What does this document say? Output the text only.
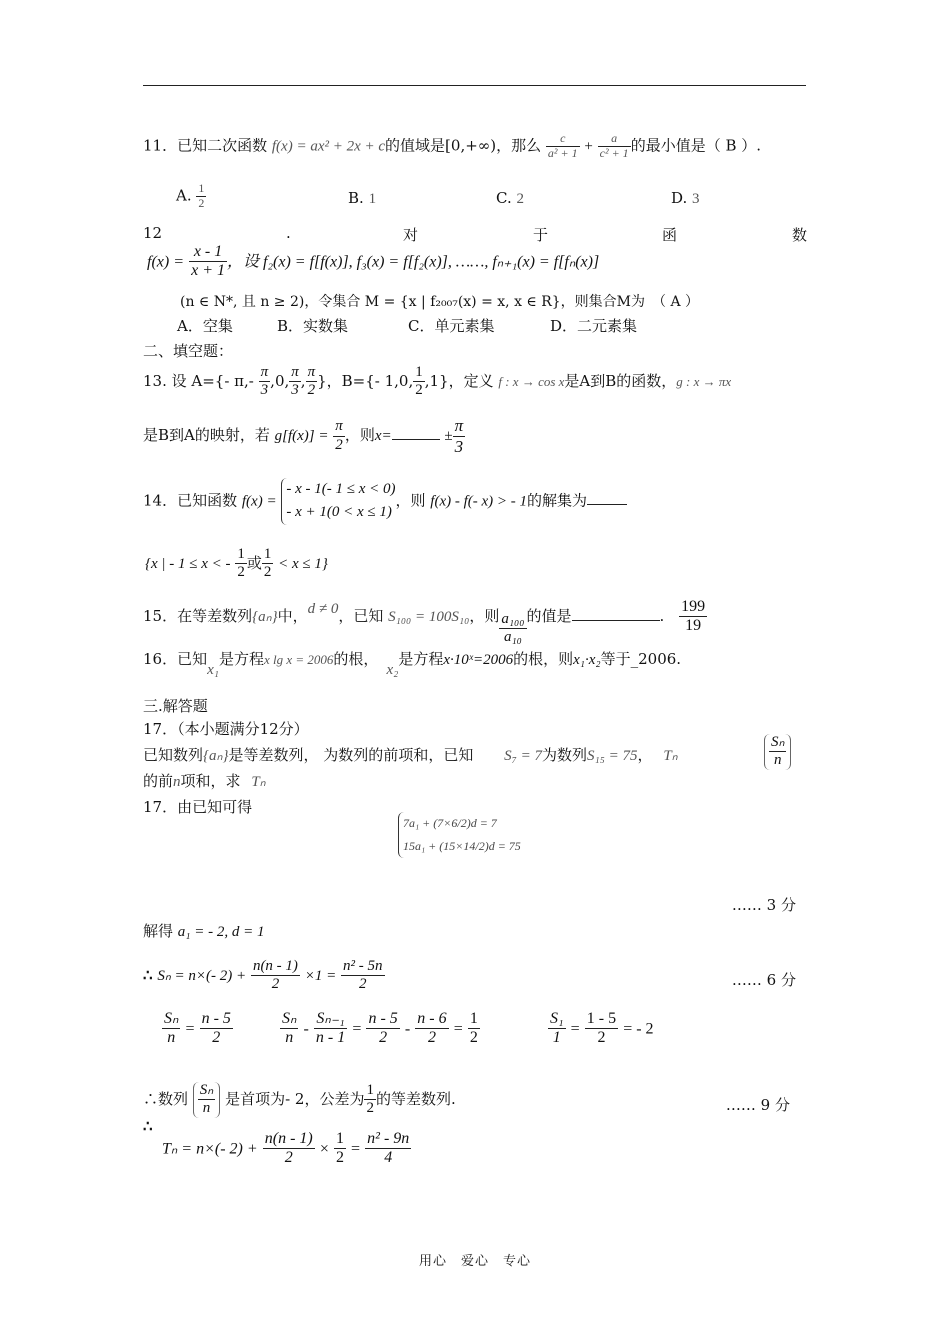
11．已知二次函数 f(x) = ax² + 2x + c的值域是[0,+∞)，那么 $\frac{c}{\text{a² + 1}} + \frac{a}{\text{c² + 1}}$ 的最小值是（ B ）.
A. $\frac{1}{2}$	B. 1	C. 2	D. 3
12	.	对	于	函	数
$f(x) = \frac{x - 1}{x + 1}$ ，设 f₂(x) = f[f(x)], f₃(x) = f[f₂(x)], ……, fₙ₊₁(x) = f[fₙ(x)]
(n ∈ N*, 且 n ≥ 2)，令集合 M = {x | f₂₀₀₇(x) = x, x ∈ R}，则集合M为　（ A ）
A．空集	B．实数集	C．单元素集	D．二元素集
二、填空题：
13. 设 A={- $\pi,- \frac{\pi}{3} ,0$, $\frac{\pi}{3}$ , $\frac{\pi}{2}$ }，B={- 1,0, $\frac{1}{2} ,1$}，定义 f : x → cos x是A到B的函数，g : x → πx
是B到A的映射，若 $g[f(x)] = \frac{\pi}{2}$ ，则x=	± $\frac{\pi}{3}$
14．已知函数 f(x) =
- x - 1(- 1 ≤ x < 0)
- x + 1(0 < x ≤ 1)
，则 f(x) - f(- x) > - 1的解集为
{x | - 1 ≤ x < - $\frac{1}{2}$ 或 $\frac{1}{2} < x \le 1$}
15．在等差数列{aₙ}中，d ≠ 0，已知 S₁₀₀ = 100S₁₀，则 $\frac{\text{a₁₀₀}}{\text{a₁₀}}$ 的值是	. $\frac{199}{19}$
16．已知x₁是方程x lg x = 2006的根，x₂是方程x·10ˣ=2006的根，则x₁·x₂等于_2006.
三.解答题
17．（本小题满分12分）
已知数列{aₙ}是等差数列， 为数列的前项和，已知 S₇ = 7为数列S₁₅ = 75， Tₙ	$\frac{\text{Sₙ}}{n}$
的前n项和，求 Tₙ
17．由已知可得
7a₁ + (7×6/2)d = 7
15a₁ + (15×14/2)d = 75
…… 3 分
解得 a₁ = - 2, d = 1
∴ Sₙ = n×(- $2) + \frac{n(n - 1)}{2} \times 1 = \frac{\text{n² - 5n}}{2}$	…… 6 分
$\frac{\text{Sₙ}}{n} = \frac{n - 5}{2}$	$\frac{\text{Sₙ}}{n} - \frac{\text{Sₙ₋₁}}{n - 1} = \frac{n - 5}{2} - \frac{n - 6}{2} = \frac{1}{2}$	$\frac{\text{S₁}}{1} = \frac{1 - 5}{2}$ = - 2
∴数列 $\frac{\text{Sₙ}}{n}$ 是首项为- 2，公差为 $\frac{1}{2}$ 的等差数列.	…… 9 分
∴
Tₙ = n×(- $2) + \frac{n(n - 1)}{2} \times \frac{1}{2} = \frac{\text{n² - 9n}}{4}$
用心　爱心　专心
